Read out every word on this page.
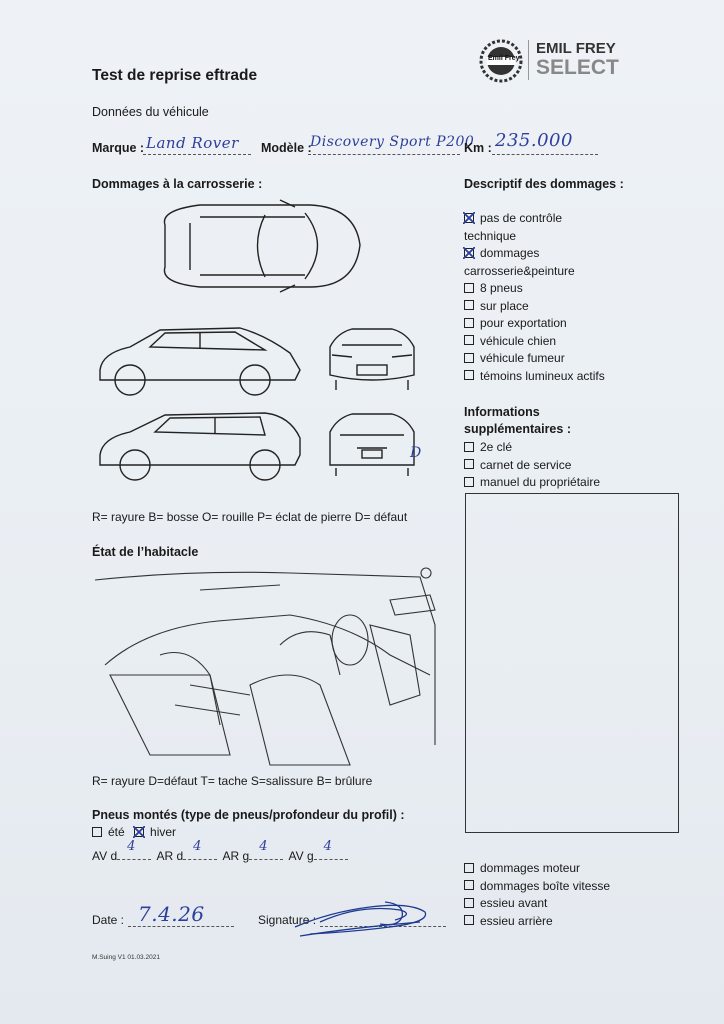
Emil Frey
EMIL FREY
SELECT
Test de reprise eftrade
Données du véhicule
Marque : Land Rover Modèle :
Discovery Sport P200
Km : 235.000
Dommages à la carrosserie :
D
R= rayure B= bosse O= rouille P= éclat de pierre D= défaut
Descriptif des dommages :
pas de contrôle technique
dommages carrosserie&peinture
8 pneus
sur place
pour exportation
véhicule chien
véhicule fumeur
témoins lumineux actifs
Informations supplémentaires :
2e clé
carnet de service
manuel du propriétaire
État de l’habitacle
R= rayure D=défaut T= tache S=salissure B= brûlure
Pneus montés (type de pneus/profondeur du profil) :
été hiver
AV d
4
AR d
4
AR g
4
AV g
4
dommages moteur
dommages boîte vitesse
essieu avant
essieu arrière
Date : 7.4.26	Signature :
M.Suing V1 01.03.2021
